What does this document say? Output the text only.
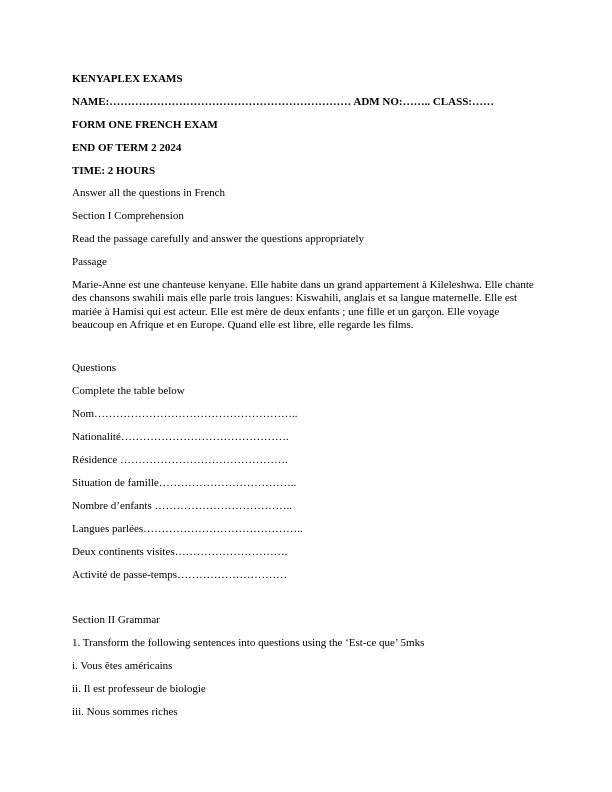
KENYAPLEX EXAMS
NAME:………………………………………………………… ADM NO:…….. CLASS:……
FORM ONE FRENCH EXAM
END OF TERM 2 2024
TIME: 2 HOURS
Answer all the questions in French
Section I Comprehension
Read the passage carefully and answer the questions appropriately
Passage
Marie-Anne est une chanteuse kenyane. Elle habite dans un grand appartement à Kileleshwa. Elle chante des chansons swahili mais elle parle trois langues: Kiswahili, anglais et sa langue maternelle. Elle est mariée à Hamisi qui est acteur. Elle est mère de deux enfants ; une fille et un garçon. Elle voyage beaucoup en Afrique et en Europe. Quand elle est libre, elle regarde les films.
Questions
Complete the table below
Nom………………………………………………..
Nationalité……………………………………….
Résidence ……………………………………….
Situation de famille………………………………..
Nombre d’enfants ………………………………..
Langues parlées……………………………………..
Deux continents visites………………………….
Activité de passe-temps…………………………
Section II Grammar
1. Transform the following sentences into questions using the ‘Est-ce que’ 5mks
i. Vous êtes américains
ii. Il est professeur de biologie
iii. Nous sommes riches
